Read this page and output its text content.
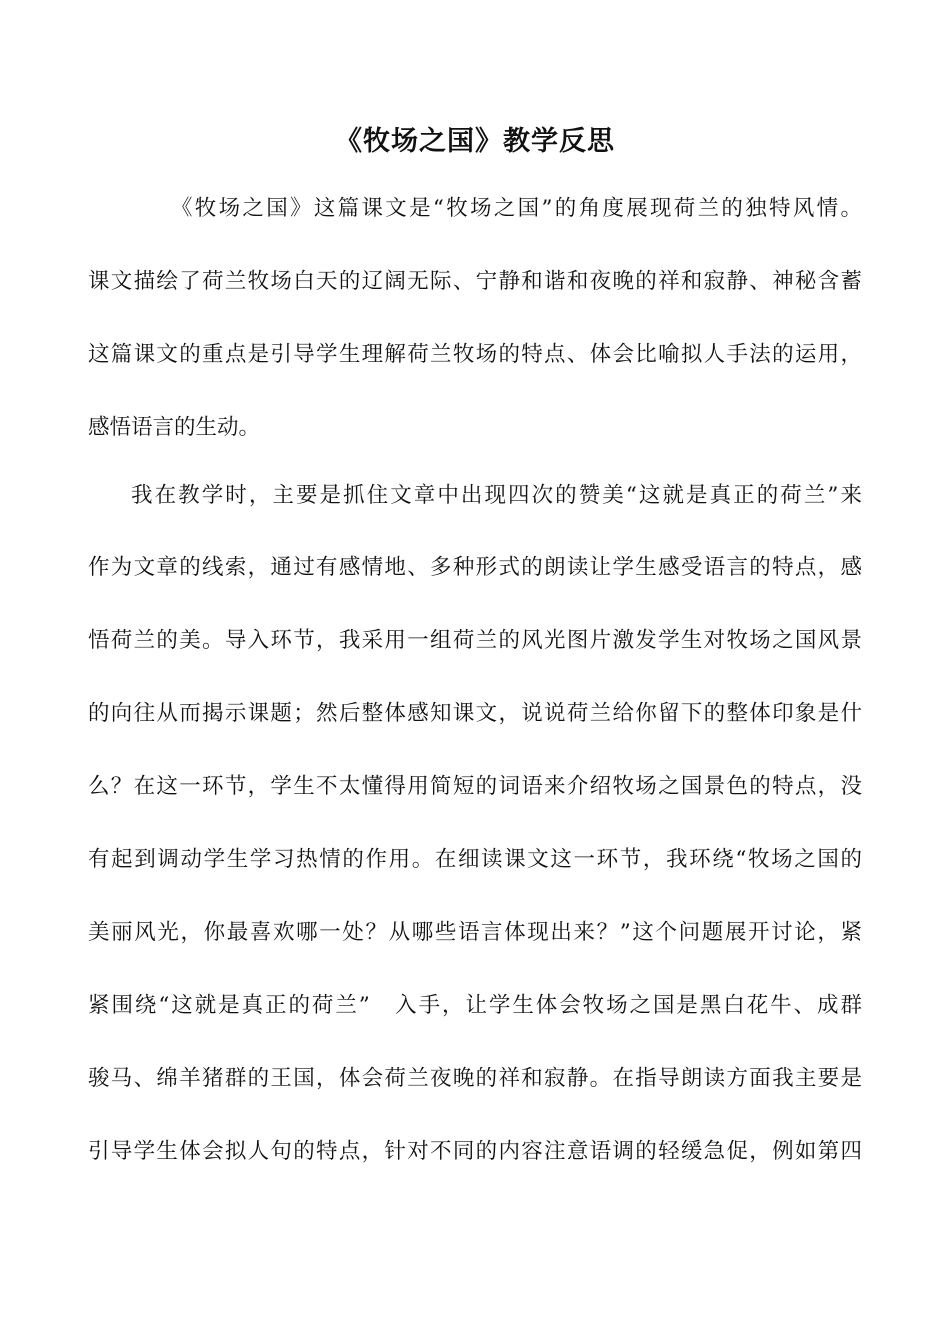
《牧场之国》教学反思
《牧场之国》这篇课文是“牧场之国”的角度展现荷兰的独特风情。
课文描绘了荷兰牧场白天的辽阔无际、宁静和谐和夜晚的祥和寂静、神秘含蓄
这篇课文的重点是引导学生理解荷兰牧场的特点、体会比喻拟人手法的运用，
感悟语言的生动。
我在教学时，主要是抓住文章中出现四次的赞美“这就是真正的荷兰”来
作为文章的线索，通过有感情地、多种形式的朗读让学生感受语言的特点，感
悟荷兰的美。导入环节，我采用一组荷兰的风光图片激发学生对牧场之国风景
的向往从而揭示课题；然后整体感知课文，说说荷兰给你留下的整体印象是什
么？在这一环节，学生不太懂得用简短的词语来介绍牧场之国景色的特点，没
有起到调动学生学习热情的作用。在细读课文这一环节，我环绕“牧场之国的
美丽风光，你最喜欢哪一处？从哪些语言体现出来？”这个问题展开讨论，紧
紧围绕“这就是真正的荷兰”　入手，让学生体会牧场之国是黑白花牛、成群
骏马、绵羊猪群的王国，体会荷兰夜晚的祥和寂静。在指导朗读方面我主要是
引导学生体会拟人句的特点，针对不同的内容注意语调的轻缓急促，例如第四
